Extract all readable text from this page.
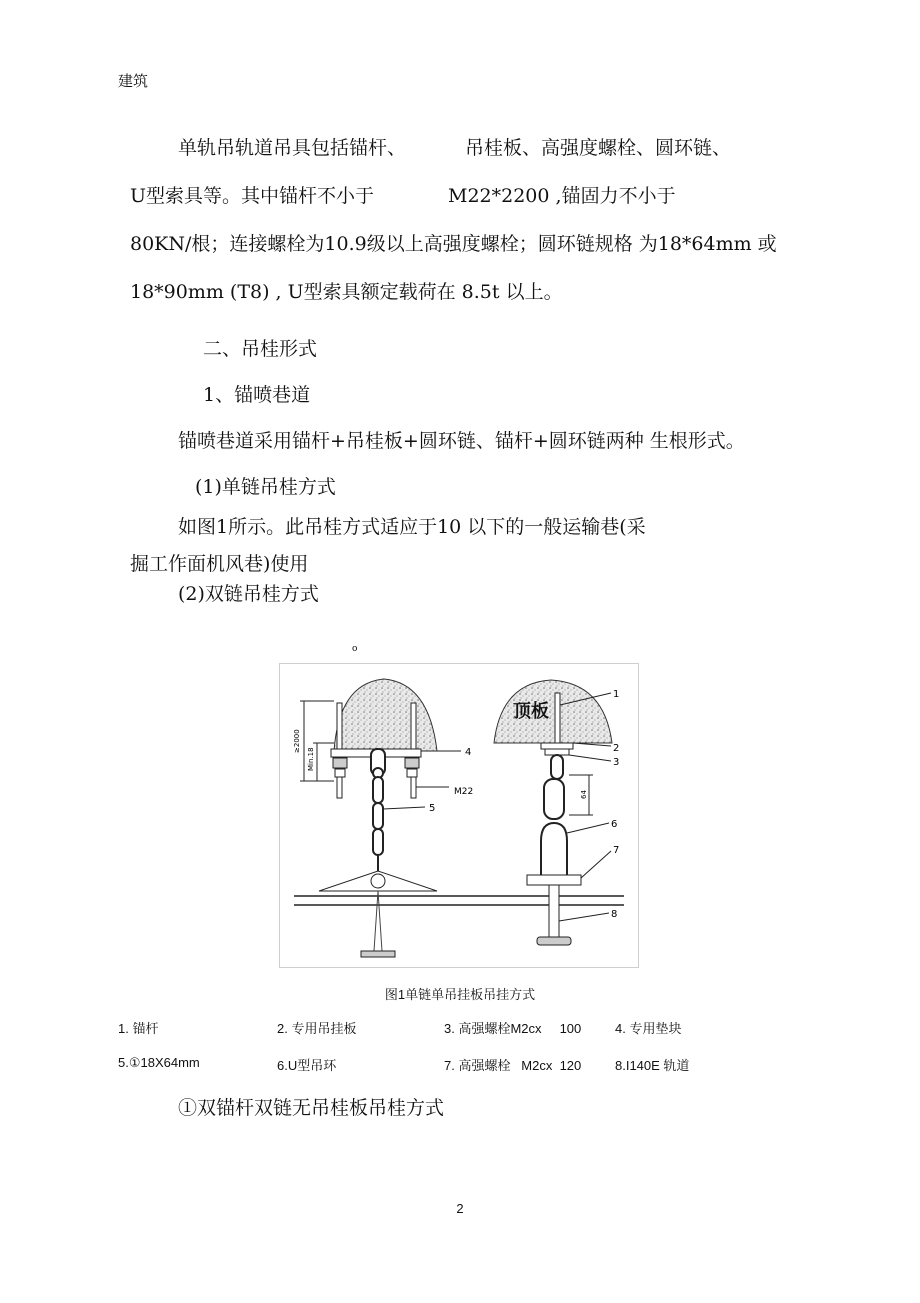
建筑
单轨吊轨道吊具包括锚杆、	吊桂板、高强度螺栓、圆环链、
U型索具等。其中锚杆不小于	M22*2200 ,锚固力不小于
80KN/根；连接螺栓为10.9级以上高强度螺栓；圆环链规格 为18*64mm 或
18*90mm (T8) , U型索具额定载荷在 8.5t 以上。
二、吊桂形式
1、锚喷巷道
锚喷巷道采用锚杆+吊桂板+圆环链、锚杆+圆环链两种 生根形式。
(1)单链吊桂方式
如图1所示。此吊桂方式适应于10 以下的一般运输巷(采
掘工作面机风巷)使用
(2)双链吊桂方式
o
M22
≥2000
Min.18	4
5
顶板
64
1
2
3
6
7
8
图1单链单吊挂板吊挂方式
1. 锚杆	2. 专用吊挂板	3. 高强螺栓M2cx     100	4. 专用垫块
5.①18X64mm	6.U型吊环	7. 高强螺栓   M2cx  120	8.I140E 轨道
①双锚杆双链无吊桂板吊桂方式
2
